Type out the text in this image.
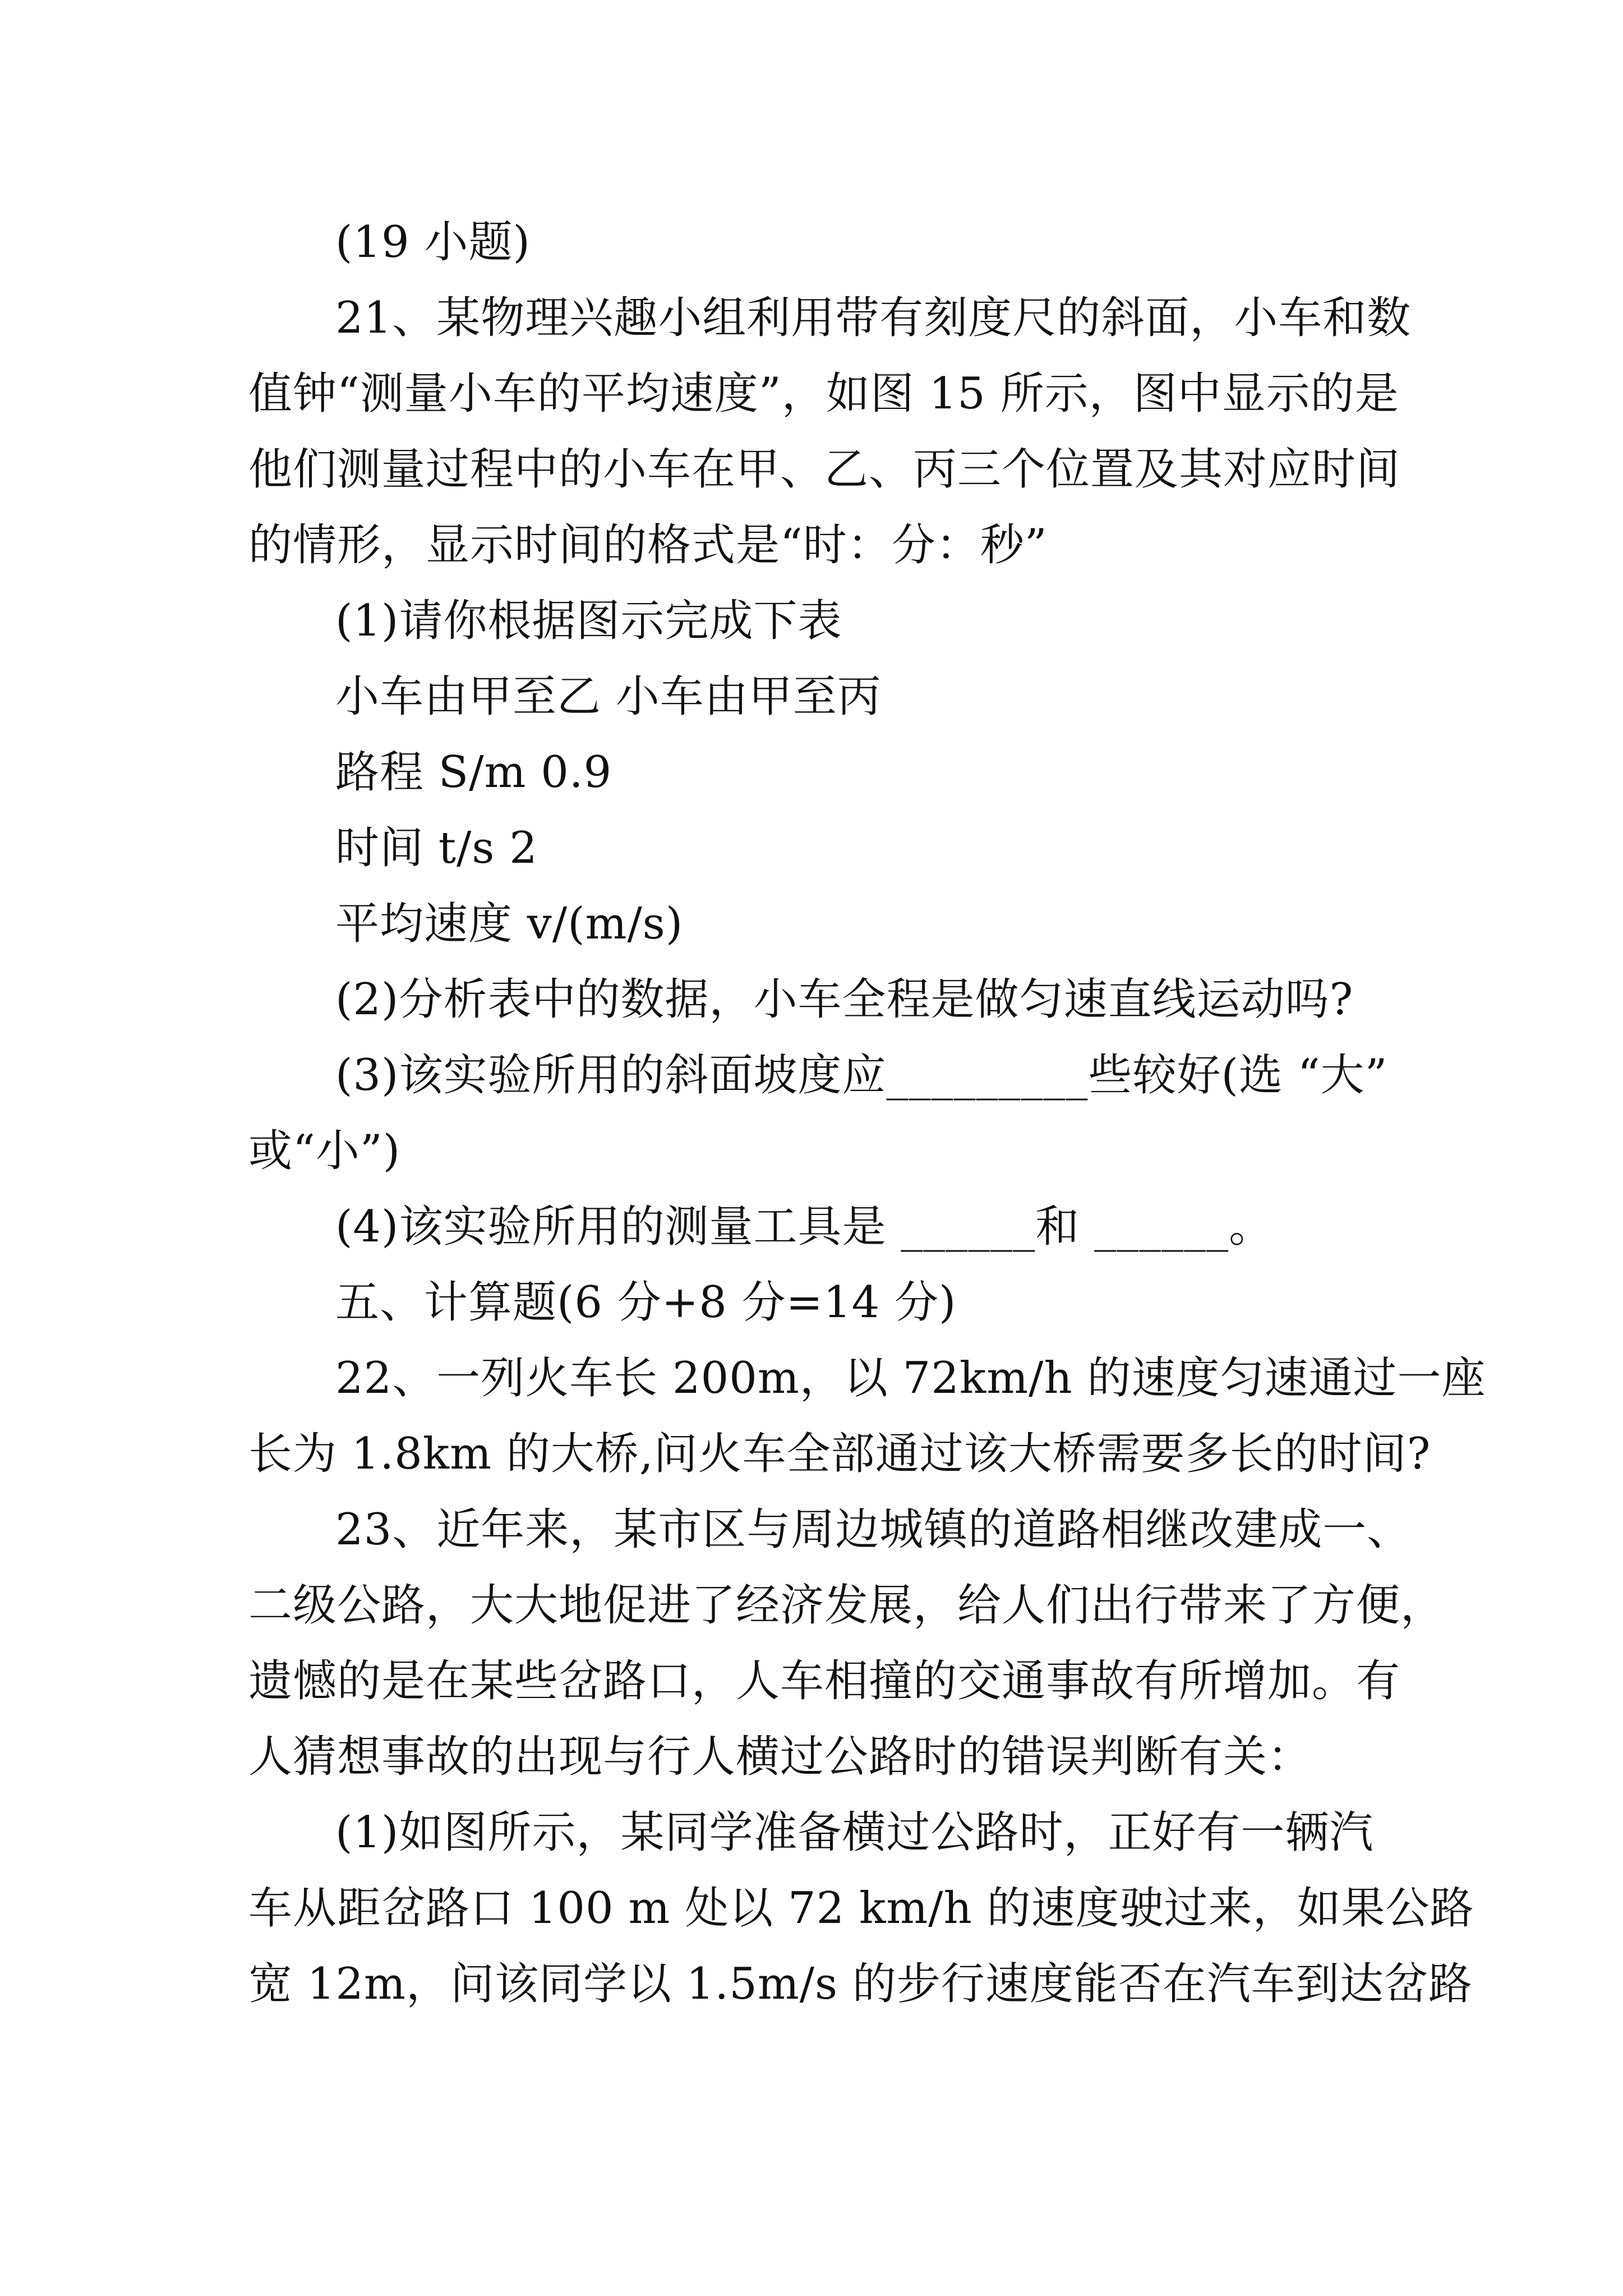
(19 小题)
21、某物理兴趣小组利用带有刻度尺的斜面，小车和数
值钟“测量小车的平均速度”，如图 15 所示，图中显示的是
他们测量过程中的小车在甲、乙、丙三个位置及其对应时间
的情形，显示时间的格式是“时：分：秒”
(1)请你根据图示完成下表
小车由甲至乙 小车由甲至丙
路程 S/m 0.9
时间 t/s 2
平均速度 v/(m/s)
(2)分析表中的数据，小车全程是做匀速直线运动吗?
(3)该实验所用的斜面坡度应_________些较好(选 “大”
或“小”)
(4)该实验所用的测量工具是 ______和 ______。
五、计算题(6 分+8 分=14 分)
22、一列火车长 200m，以 72km/h 的速度匀速通过一座
长为 1.8km 的大桥,问火车全部通过该大桥需要多长的时间?
23、近年来，某市区与周边城镇的道路相继改建成一、
二级公路，大大地促进了经济发展，给人们出行带来了方便，
遗憾的是在某些岔路口，人车相撞的交通事故有所增加。有
人猜想事故的出现与行人横过公路时的错误判断有关：
(1)如图所示，某同学准备横过公路时，正好有一辆汽
车从距岔路口 100 m 处以 72 km/h 的速度驶过来，如果公路
宽 12m，问该同学以 1.5m/s 的步行速度能否在汽车到达岔路
